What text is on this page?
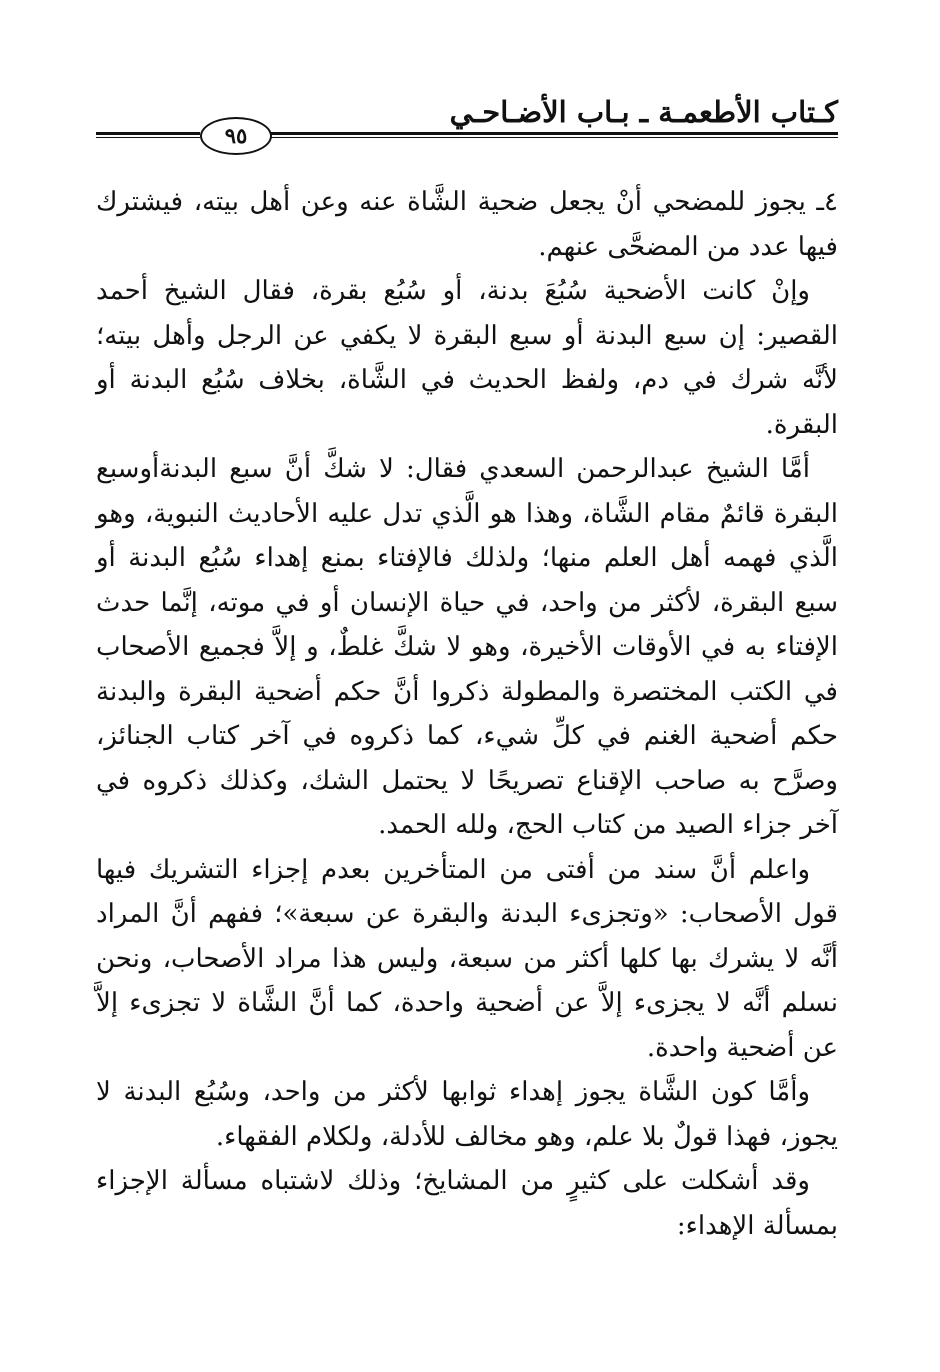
كـتاب الأطعمـة ـ بـاب الأضـاحـي
٩٥

٤ـ يجوز للمضحي أنْ يجعل ضحية الشَّاة عنه وعن أهل بيته، فيشترك فيها عدد من المضحَّى عنهم.

وإنْ كانت الأضحية سُبُعَ بدنة، أو سُبُع بقرة، فقال الشيخ أحمد القصير: إن سبع البدنة أو سبع البقرة لا يكفي عن الرجل وأهل بيته؛ لأنَّه شرك في دم، ولفظ الحديث في الشَّاة، بخلاف سُبُع البدنة أو البقرة.

أمَّا الشيخ عبدالرحمن السعدي فقال: لا شكَّ أنَّ سبع البدنةأوسبع البقرة قائمٌ مقام الشَّاة، وهذا هو الَّذي تدل عليه الأحاديث النبوية، وهو الَّذي فهمه أهل العلم منها؛ ولذلك فالإفتاء بمنع إهداء سُبُع البدنة أو سبع البقرة، لأكثر من واحد، في حياة الإنسان أو في موته، إنَّما حدث الإفتاء به في الأوقات الأخيرة، وهو لا شكَّ غلطٌ، و إلاَّ فجميع الأصحاب في الكتب المختصرة والمطولة ذكروا أنَّ حكم أضحية البقرة والبدنة حكم أضحية الغنم في كلِّ شيء، كما ذكروه في آخر كتاب الجنائز، وصرَّح به صاحب الإقناع تصريحًا لا يحتمل الشك، وكذلك ذكروه في آخر جزاء الصيد من كتاب الحج، ولله الحمد.

واعلم أنَّ سند من أفتى من المتأخرين بعدم إجزاء التشريك فيها قول الأصحاب: «وتجزىء البدنة والبقرة عن سبعة»؛ ففهم أنَّ المراد أنَّه لا يشرك بها كلها أكثر من سبعة، وليس هذا مراد الأصحاب، ونحن نسلم أنَّه لا يجزىء إلاَّ عن أضحية واحدة، كما أنَّ الشَّاة لا تجزىء إلاَّ عن أضحية واحدة.

وأمَّا كون الشَّاة يجوز إهداء ثوابها لأكثر من واحد، وسُبُع البدنة لا يجوز، فهذا قولٌ بلا علم، وهو مخالف للأدلة، ولكلام الفقهاء.

وقد أشكلت على كثيرٍ من المشايخ؛ وذلك لاشتباه مسألة الإجزاء بمسألة الإهداء:
